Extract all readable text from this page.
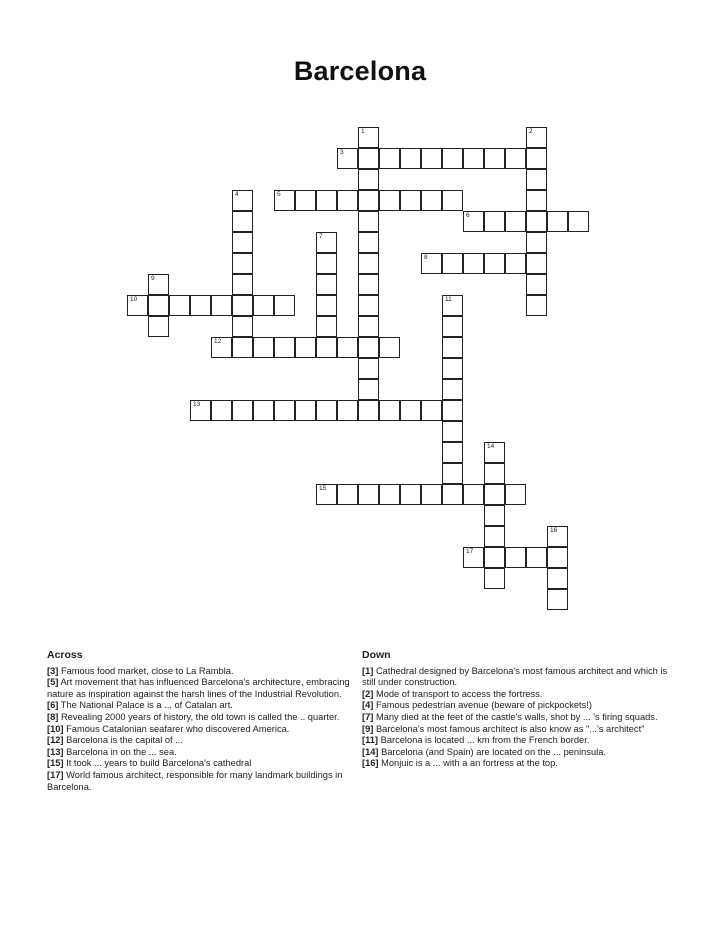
Barcelona
1	2
3
4	5
6
7
8
9
10	11
12
13
14
15
16
17
Across
[3] Famous food market, close to La Rambla.
[5] Art movement that has influenced Barcelona's architecture, embracing nature as inspiration against the harsh lines of the Industrial Revolution.
[6] The National Palace is a ... of Catalan art.
[8] Revealing 2000 years of history, the old town is called the .. quarter.
[10] Famous Catalonian seafarer who discovered America.
[12] Barcelona is the capital of ...
[13] Barcelona in on the ... sea.
[15] It took ... years to build Barcelona's cathedral
[17] World famous architect, responsible for many landmark buildings in Barcelona.
Down
[1] Cathedral designed by Barcelona's most famous architect and which is still under construction.
[2] Mode of transport to access the fortress.
[4] Famous pedestrian avenue (beware of pickpockets!)
[7] Many died at the feet of the castle's walls, shot by ... 's firing squads.
[9] Barcelona's most famous architect is also know as "...'s architect"
[11] Barcelona is located ... km from the French border.
[14] Barcelona (and Spain) are located on the ... peninsula.
[16] Monjuic is a ... with a an fortress at the top.
